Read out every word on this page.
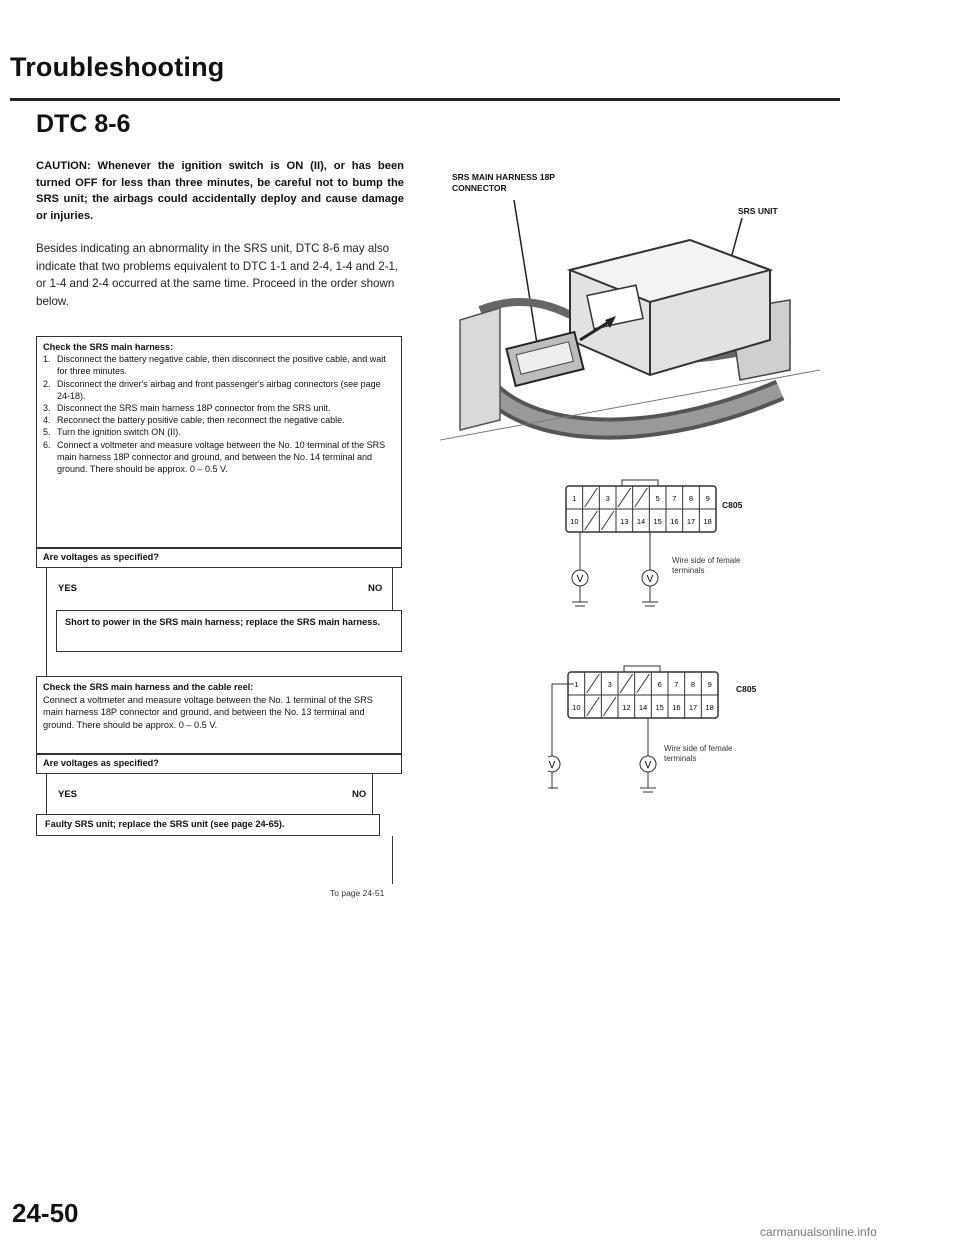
Troubleshooting
DTC 8-6
CAUTION: Whenever the ignition switch is ON (II), or has been turned OFF for less than three minutes, be careful not to bump the SRS unit; the airbags could accidentally deploy and cause damage or injuries.
Besides indicating an abnormality in the SRS unit, DTC 8-6 may also indicate that two problems equivalent to DTC 1-1 and 2-4, 1-4 and 2-1, or 1-4 and 2-4 occurred at the same time. Proceed in the order shown below.
Check the SRS main harness:
1. Disconnect the battery negative cable, then disconnect the positive cable, and wait for three minutes.
2. Disconnect the driver's airbag and front passenger's airbag connectors (see page 24-18).
3. Disconnect the SRS main harness 18P connector from the SRS unit.
4. Reconnect the battery positive cable, then reconnect the negative cable.
5. Turn the ignition switch ON (II).
6. Connect a voltmeter and measure voltage between the No. 10 terminal of the SRS main harness 18P connector and ground, and between the No. 14 terminal and ground. There should be approx. 0 – 0.5 V.
Are voltages as specified?
YES	NO
Short to power in the SRS main harness; replace the SRS main harness.
Check the SRS main harness and the cable reel:
Connect a voltmeter and measure voltage between the No. 1 terminal of the SRS main harness 18P connector and ground, and between the No. 13 terminal and ground. There should be approx. 0 – 0.5 V.
Are voltages as specified?
YES	NO
Faulty SRS unit; replace the SRS unit (see page 24-65).
To page 24-51
SRS MAIN HARNESS 18P CONNECTOR
SRS UNIT
V	V
1	3	5 7 8 9
10	13 14 15 16 17 18
C805
Wire side of female terminals
V	V
1	3	6 7 8 9
10	12 14 15 16 17 18
C805
Wire side of female terminals
24-50
carmanualsonline.info
